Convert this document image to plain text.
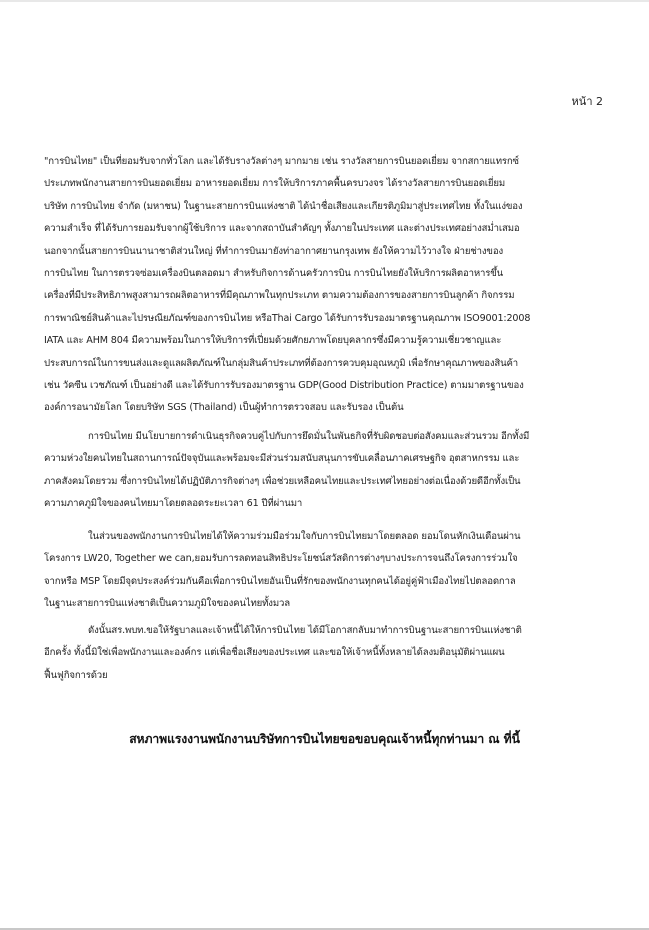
หน้า 2
"การบินไทย" เป็นที่ยอมรับจากทั่วโลก และได้รับรางวัลต่างๆ มากมาย เช่น รางวัลสายการบินยอดเยี่ยม จากสกายแทรกซ์
ประเภทพนักงานสายการบินยอดเยี่ยม อาหารยอดเยี่ยม การให้บริการภาคพื้นครบวงจร ได้รางวัลสายการบินยอดเยี่ยม
บริษัท การบินไทย จำกัด (มหาชน) ในฐานะสายการบินแห่งชาติ ได้นำชื่อเสียงและเกียรติภูมิมาสู่ประเทศไทย ทั้งในแง่ของ
ความสำเร็จ ที่ได้รับการยอมรับจากผู้ใช้บริการ และจากสถาบันสำคัญๆ ทั้งภายในประเทศ และต่างประเทศอย่างสม่ำเสมอ
นอกจากนั้นสายการบินนานาชาติส่วนใหญ่ ที่ทำการบินมายังท่าอากาศยานกรุงเทพ ยังให้ความไว้วางใจ ฝ่ายช่างของ
การบินไทย ในการตรวจซ่อมเครื่องบินตลอดมา สำหรับกิจการด้านครัวการบิน การบินไทยยังให้บริการผลิตอาหารขึ้น
เครื่องที่มีประสิทธิภาพสูงสามารถผลิตอาหารที่มีคุณภาพในทุกประเภท ตามความต้องการของสายการบินลูกค้า กิจกรรม
การพาณิชย์สินค้าและไปรษณียภัณฑ์ของการบินไทย หรือThai Cargo ได้รับการรับรองมาตรฐานคุณภาพ ISO9001:2008
IATA และ AHM 804 มีความพร้อมในการให้บริการที่เปี่ยมด้วยศักยภาพโดยบุคลากรซึ่งมีความรู้ความเชี่ยวชาญและ
ประสบการณ์ในการขนส่งและดูแลผลิตภัณฑ์ในกลุ่มสินค้าประเภทที่ต้องการควบคุมอุณหภูมิ เพื่อรักษาคุณภาพของสินค้า
เช่น วัคซีน เวชภัณฑ์ เป็นอย่างดี และได้รับการรับรองมาตรฐาน GDP(Good Distribution Practice) ตามมาตรฐานของ
องค์การอนามัยโลก โดยบริษัท SGS (Thailand) เป็นผู้ทำการตรวจสอบ และรับรอง เป็นต้น
การบินไทย มีนโยบายการดำเนินธุรกิจควบคู่ไปกับการยึดมั่นในพันธกิจที่รับผิดชอบต่อสังคมและส่วนรวม อีกทั้งมี
ความห่วงใยคนไทยในสถานการณ์ปัจจุบันและพร้อมจะมีส่วนร่วมสนับสนุนการขับเคลื่อนภาคเศรษฐกิจ อุตสาหกรรม และ
ภาคสังคมโดยรวม ซึ่งการบินไทยได้ปฏิบัติภารกิจต่างๆ เพื่อช่วยเหลือคนไทยและประเทศไทยอย่างต่อเนื่องด้วยดีอีกทั้งเป็น
ความภาคภูมิใจของคนไทยมาโดยตลอดระยะเวลา 61 ปีที่ผ่านมา
ในส่วนของพนักงานการบินไทยได้ให้ความร่วมมือร่วมใจกับการบินไทยมาโดยตลอด ยอมโดนหักเงินเดือนผ่าน
โครงการ LW20, Together we can,ยอมรับการลดทอนสิทธิประโยชน์สวัสดิการต่างๆบางประการจนถึงโครงการร่วมใจ
จากหรือ MSP โดยมีจุดประสงค์ร่วมกันคือเพื่อการบินไทยอันเป็นที่รักของพนักงานทุกคนได้อยู่คู่ฟ้าเมืองไทยไปตลอดกาล
ในฐานะสายการบินแห่งชาติเป็นความภูมิใจของคนไทยทั้งมวล
ดังนั้นสร.พบท.ขอให้รัฐบาลและเจ้าหนี้ได้ให้การบินไทย ได้มีโอกาสกลับมาทำการบินฐานะสายการบินแห่งชาติ
อีกครั้ง ทั้งนี้มิใช่เพื่อพนักงานและองค์กร แต่เพื่อชื่อเสียงของประเทศ และขอให้เจ้าหนี้ทั้งหลายได้ลงมติอนุมัติผ่านแผน
ฟื้นฟูกิจการด้วย
สหภาพแรงงานพนักงานบริษัทการบินไทยขอขอบคุณเจ้าหนี้ทุกท่านมา ณ ที่นี้
